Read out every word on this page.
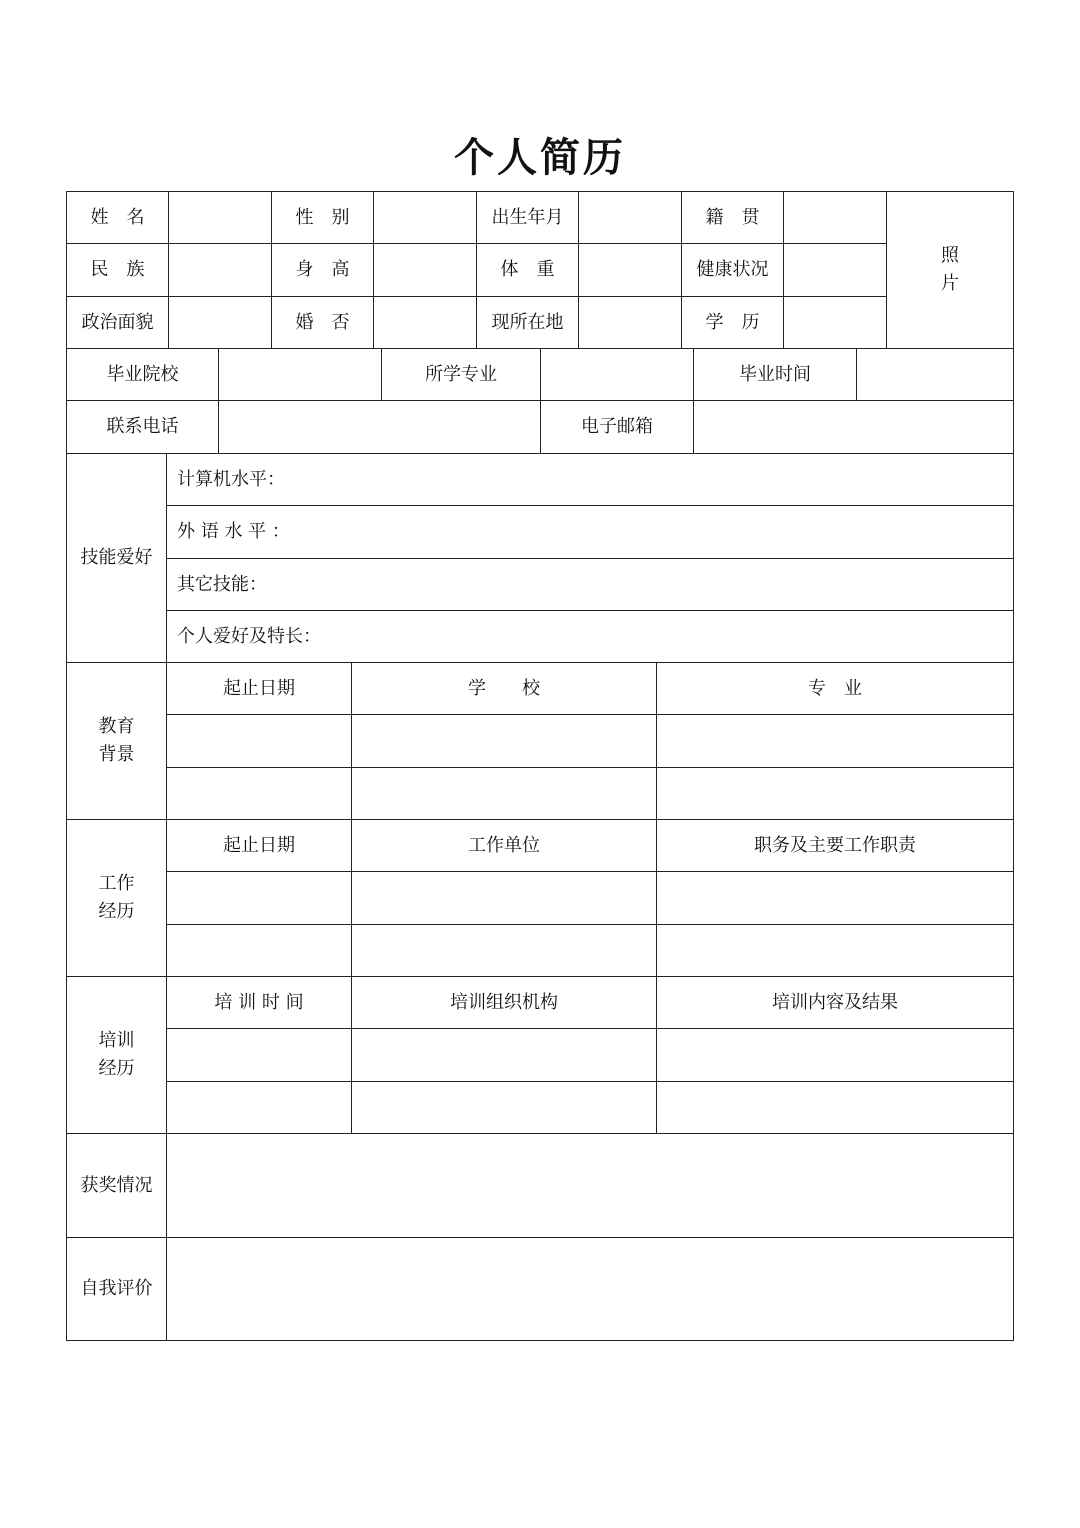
个人简历
姓　名	性　别	出生年月	籍　贯
照
片
民　族	身　高	体　重	健康状况
政治面貌	婚　否	现所在地	学　历
毕业院校	所学专业	毕业时间
联系电话	电子邮箱
技能爱好
计算机水平：
外 语 水 平 ：
其它技能：
个人爱好及特长：
教育
背景
起止日期	学　　校	专　业
工作
经历
起止日期	工作单位	职务及主要工作职责
培训
经历
培 训 时 间	培训组织机构	培训内容及结果
获奖情况
自我评价
